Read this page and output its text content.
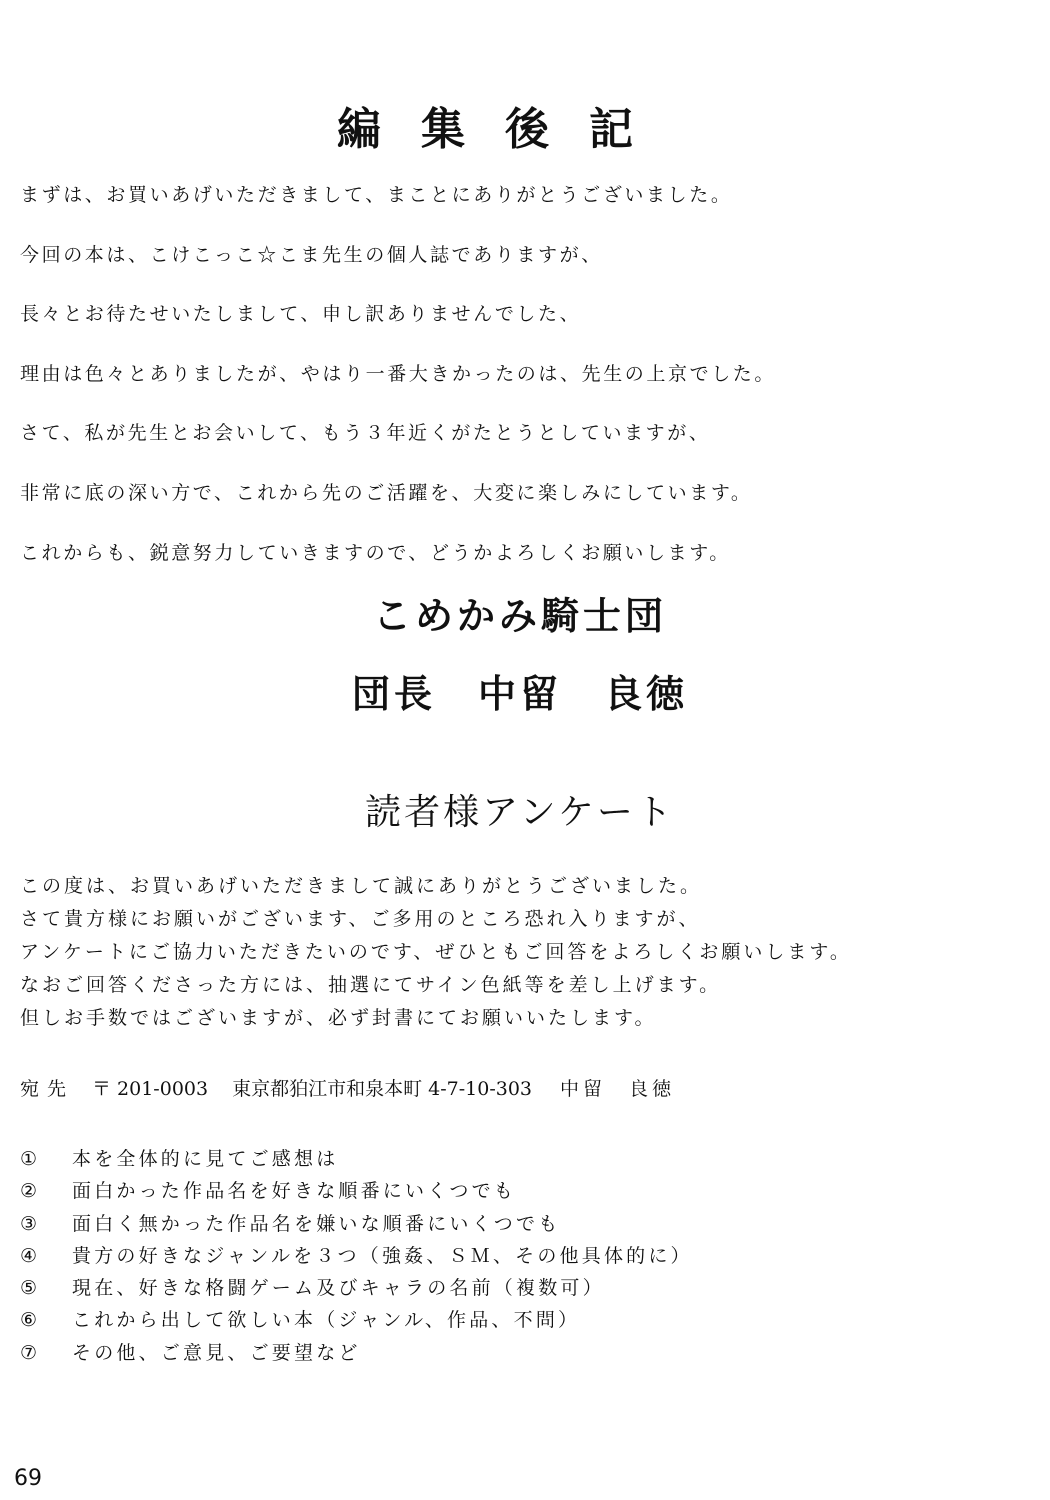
編集後記
まずは、お買いあげいただきまして、まことにありがとうございました。
今回の本は、こけこっこ☆こま先生の個人誌でありますが、
長々とお待たせいたしまして、申し訳ありませんでした、
理由は色々とありましたが、やはり一番大きかったのは、先生の上京でした。
さて、私が先生とお会いして、もう３年近くがたとうとしていますが、
非常に底の深い方で、これから先のご活躍を、大変に楽しみにしています。
これからも、鋭意努力していきますので、どうかよろしくお願いします。
こめかみ騎士団
団長　中留　良徳
読者様アンケート
この度は、お買いあげいただきまして誠にありがとうございました。
さて貴方様にお願いがございます、ご多用のところ恐れ入りますが、
アンケートにご協力いただきたいのです、ぜひともご回答をよろしくお願いします。
なおご回答くださった方には、抽選にてサイン色紙等を差し上げます。
但しお手数ではございますが、必ず封書にてお願いいたします。
宛先 〒 201-0003 東京都狛江市和泉本町 4-7-10-303 中留　良徳
① 本を全体的に見てご感想は
② 面白かった作品名を好きな順番にいくつでも
③ 面白く無かった作品名を嫌いな順番にいくつでも
④ 貴方の好きなジャンルを３つ（強姦、ＳＭ、その他具体的に）
⑤ 現在、好きな格闘ゲーム及びキャラの名前（複数可）
⑥ これから出して欲しい本（ジャンル、作品、不問）
⑦ その他、ご意見、ご要望など
69
